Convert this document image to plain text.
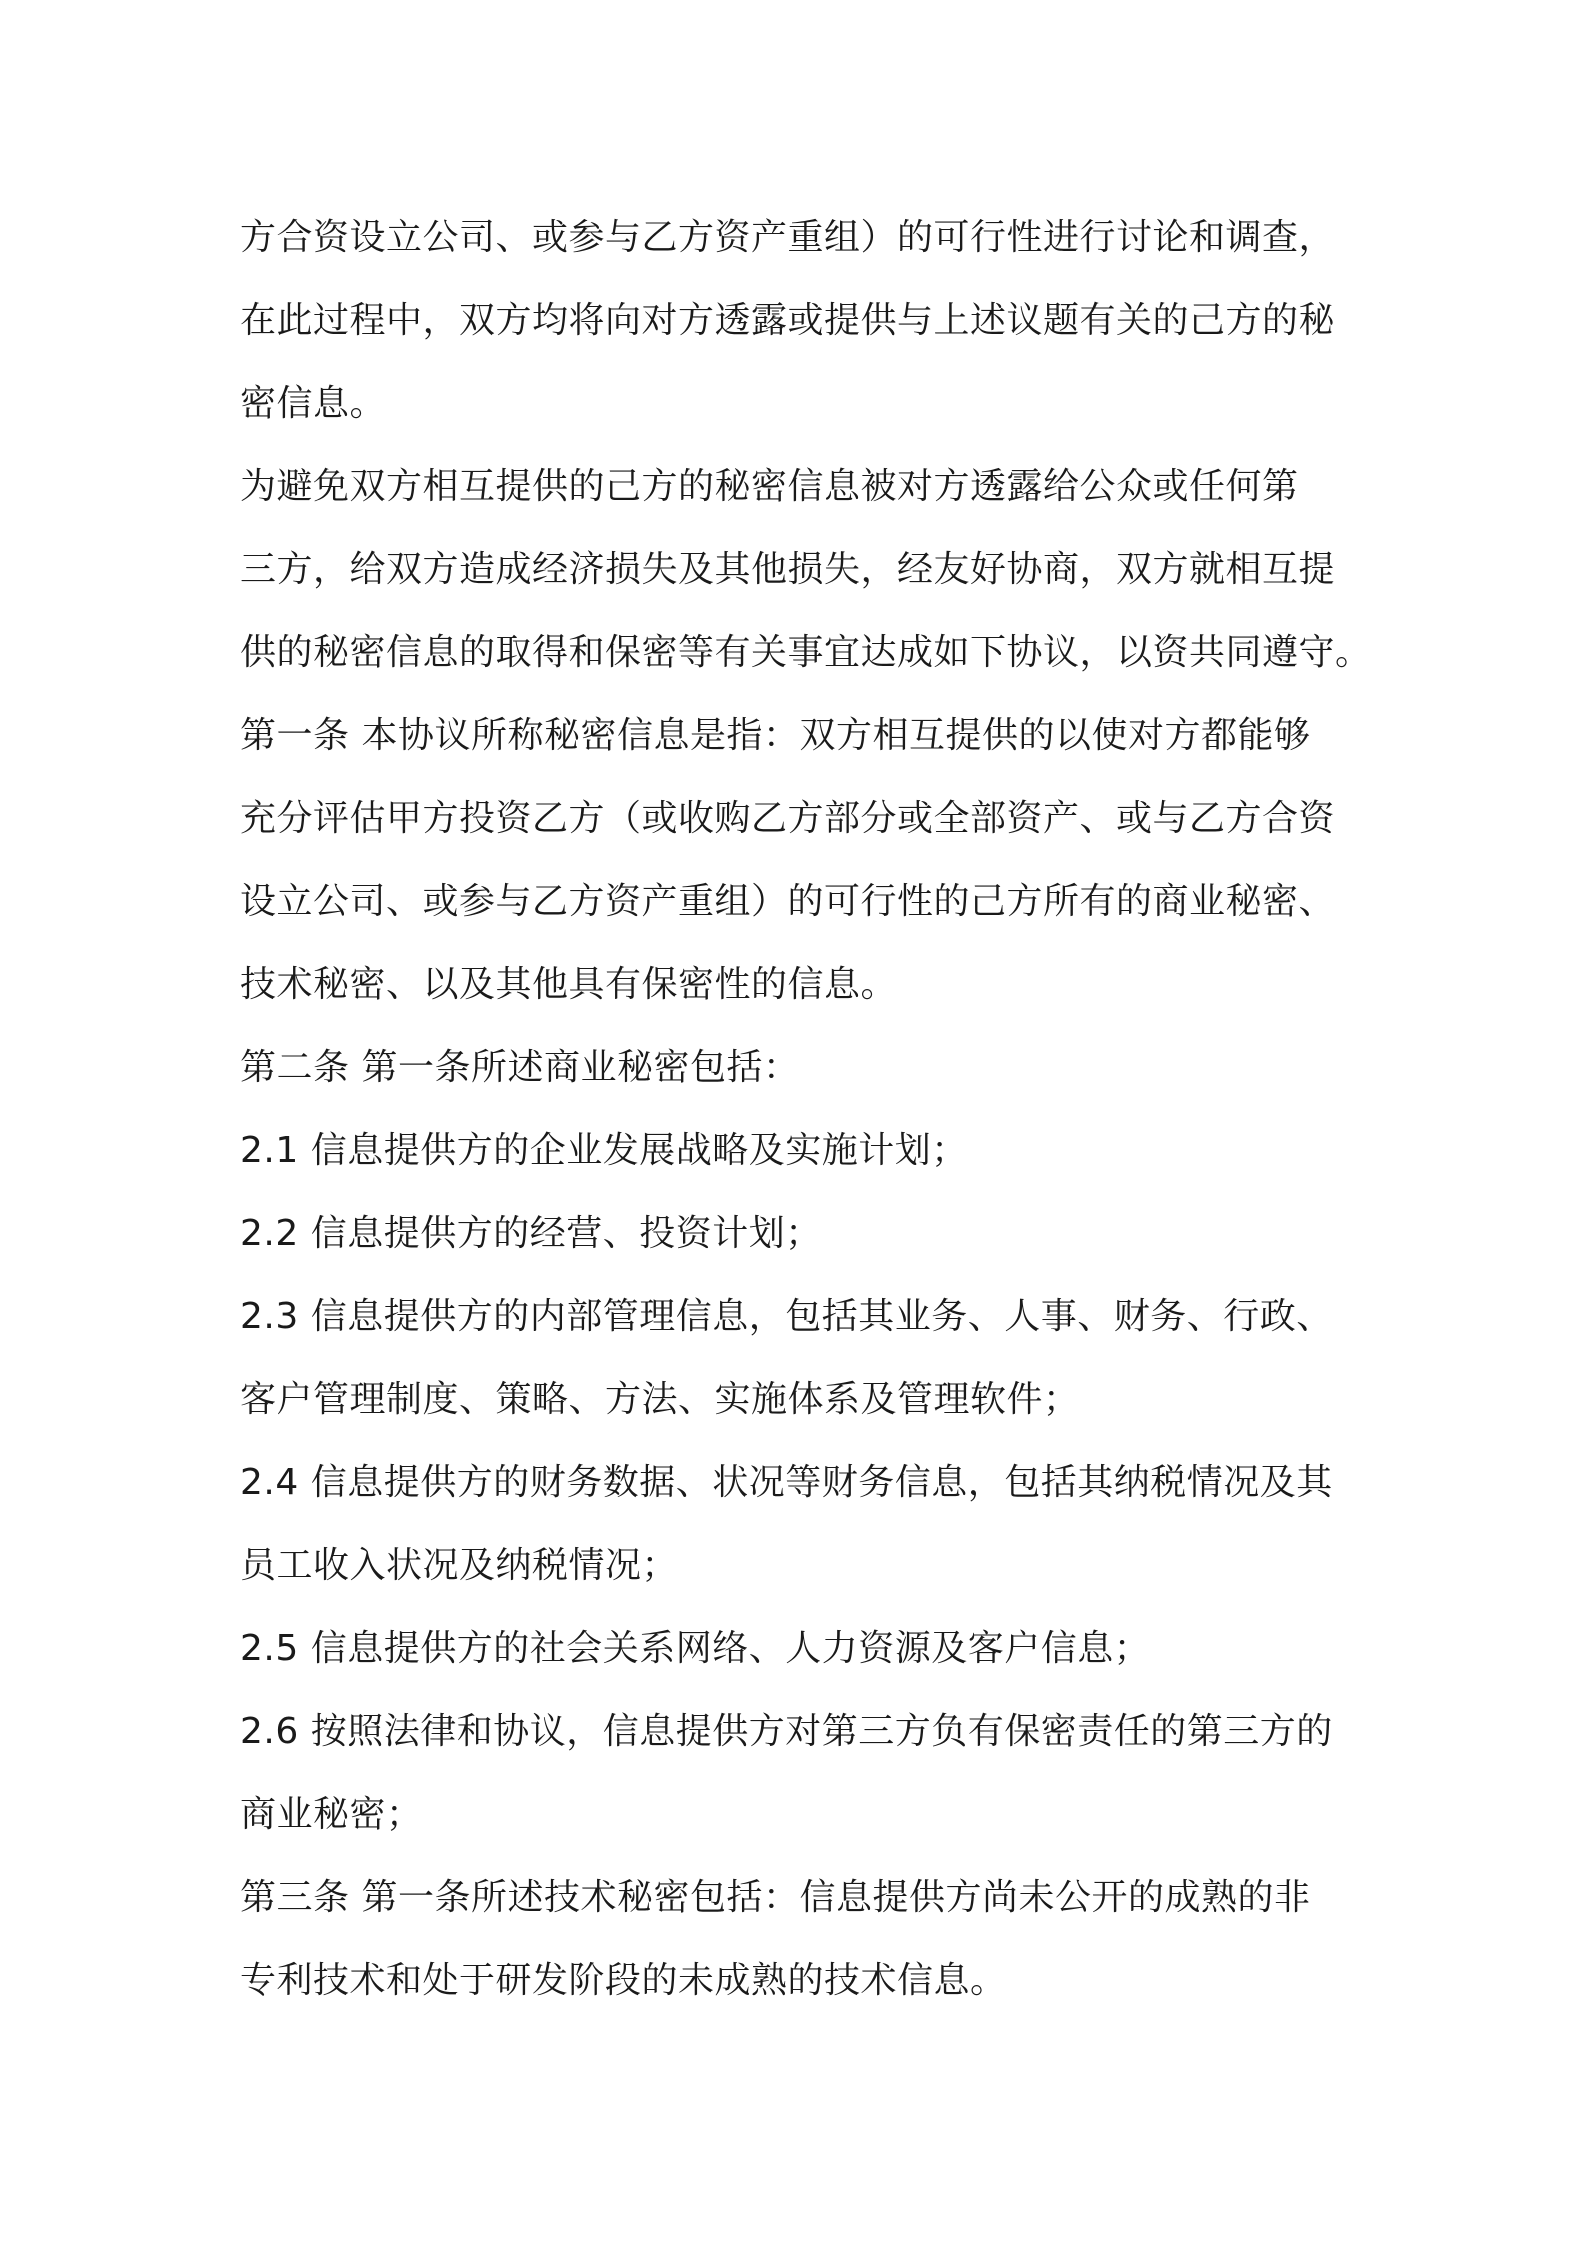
方合资设立公司、或参与乙方资产重组）的可行性进行讨论和调查，
在此过程中，双方均将向对方透露或提供与上述议题有关的己方的秘
密信息。
为避免双方相互提供的己方的秘密信息被对方透露给公众或任何第
三方，给双方造成经济损失及其他损失，经友好协商，双方就相互提
供的秘密信息的取得和保密等有关事宜达成如下协议，以资共同遵守。
第一条 本协议所称秘密信息是指：双方相互提供的以使对方都能够
充分评估甲方投资乙方（或收购乙方部分或全部资产、或与乙方合资
设立公司、或参与乙方资产重组）的可行性的己方所有的商业秘密、
技术秘密、以及其他具有保密性的信息。
第二条 第一条所述商业秘密包括：
2.1 信息提供方的企业发展战略及实施计划；
2.2 信息提供方的经营、投资计划；
2.3 信息提供方的内部管理信息，包括其业务、人事、财务、行政、
客户管理制度、策略、方法、实施体系及管理软件；
2.4 信息提供方的财务数据、状况等财务信息，包括其纳税情况及其
员工收入状况及纳税情况；
2.5 信息提供方的社会关系网络、人力资源及客户信息；
2.6 按照法律和协议，信息提供方对第三方负有保密责任的第三方的
商业秘密；
第三条 第一条所述技术秘密包括：信息提供方尚未公开的成熟的非
专利技术和处于研发阶段的未成熟的技术信息。
